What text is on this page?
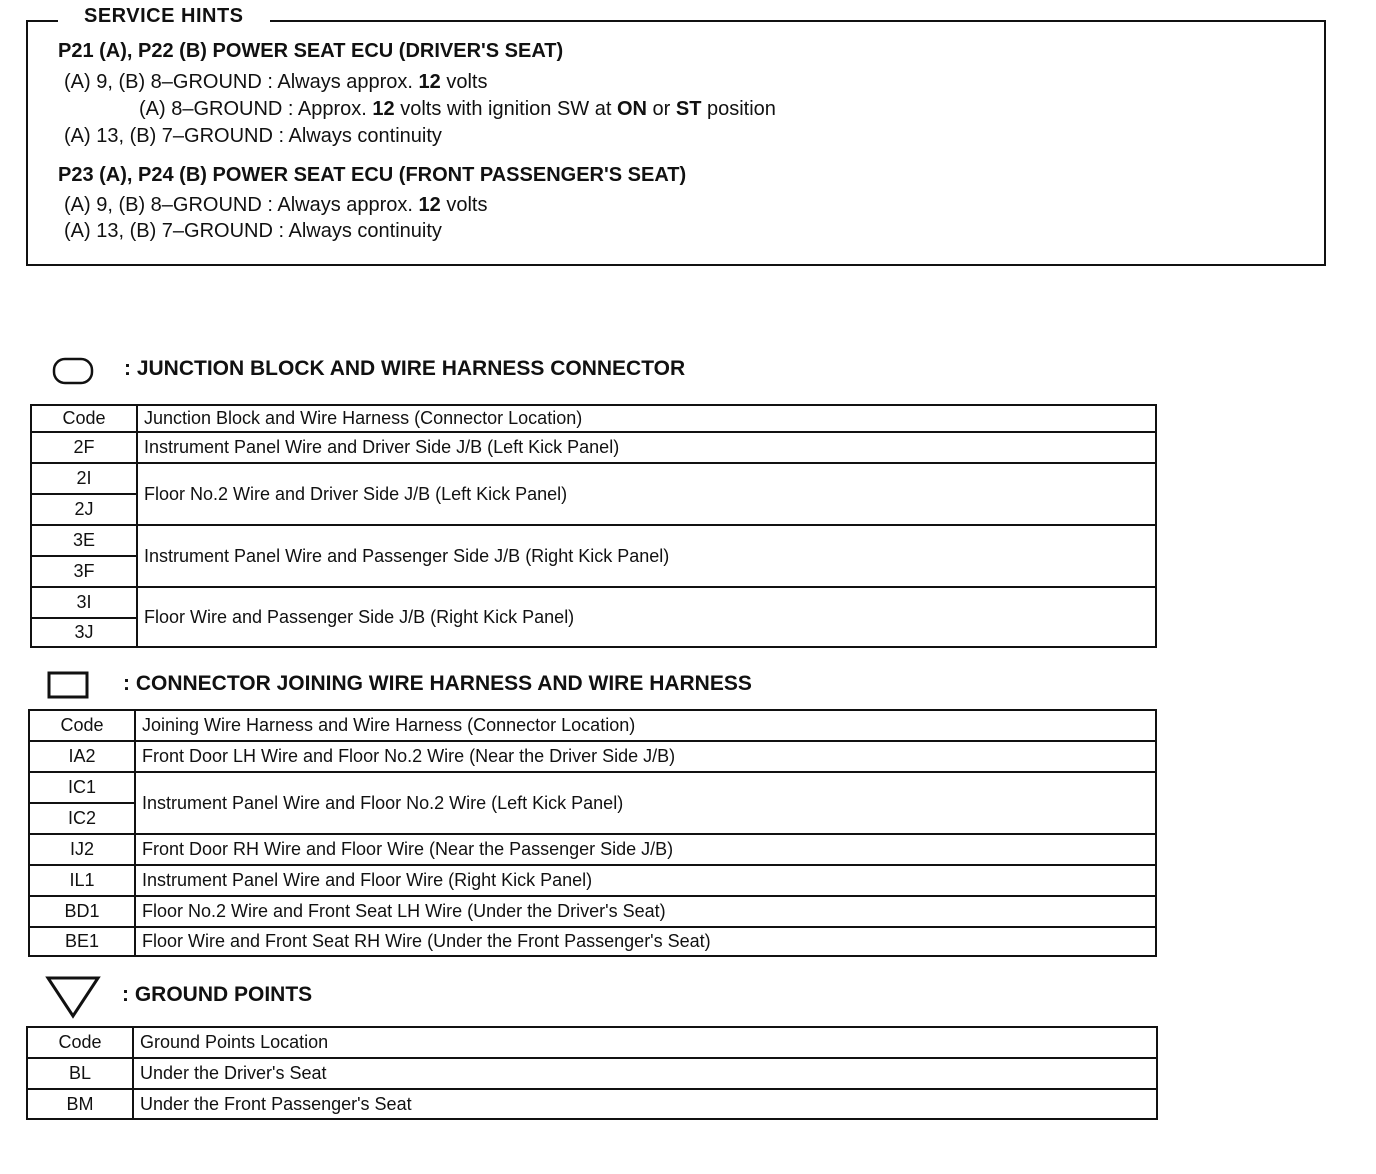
SERVICE HINTS
P21 (A), P22 (B) POWER SEAT ECU (DRIVER'S SEAT)
(A) 9, (B) 8–GROUND : Always approx. 12 volts
(A) 8–GROUND : Approx. 12 volts with ignition SW at ON or ST position
(A) 13, (B) 7–GROUND : Always continuity
P23 (A), P24 (B) POWER SEAT ECU (FRONT PASSENGER'S SEAT)
(A) 9, (B) 8–GROUND : Always approx. 12 volts
(A) 13, (B) 7–GROUND : Always continuity
: JUNCTION BLOCK AND WIRE HARNESS CONNECTOR
Code	Junction Block and Wire Harness (Connector Location)
2F	Instrument Panel Wire and Driver Side J/B (Left Kick Panel)
2I	Floor No.2 Wire and Driver Side J/B (Left Kick Panel)
2J	
3E	Instrument Panel Wire and Passenger Side J/B (Right Kick Panel)
3F	
3I	Floor Wire and Passenger Side J/B (Right Kick Panel)
3J	
: CONNECTOR JOINING WIRE HARNESS AND WIRE HARNESS
Code	Joining Wire Harness and Wire Harness (Connector Location)
IA2	Front Door LH Wire and Floor No.2 Wire (Near the Driver Side J/B)
IC1	Instrument Panel Wire and Floor No.2 Wire (Left Kick Panel)
IC2	
IJ2	Front Door RH Wire and Floor Wire (Near the Passenger Side J/B)
IL1	Instrument Panel Wire and Floor Wire (Right Kick Panel)
BD1	Floor No.2 Wire and Front Seat LH Wire (Under the Driver's Seat)
BE1	Floor Wire and Front Seat RH Wire (Under the Front Passenger's Seat)
: GROUND POINTS
Code	Ground Points Location
BL	Under the Driver's Seat
BM	Under the Front Passenger's Seat
